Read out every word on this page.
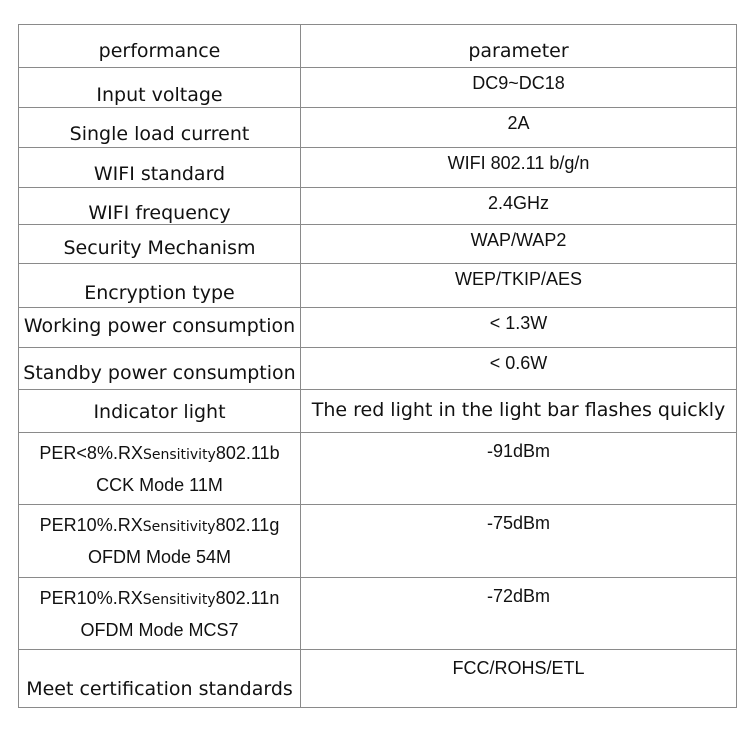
performance	parameter

Input voltage	DC9~DC18

Single load current	2A

WIFI standard	WIFI 802.11 b/g/n

WIFI frequency	2.4GHz

Security Mechanism	WAP/WAP2

Encryption type	WEP/TKIP/AES

Working power consumption	< 1.3W

Standby power consumption	< 0.6W

Indicator light	The red light in the light bar flashes quickly

PER<8%.RXSensitivity802.11b
CCK Mode 11M	-91dBm

PER10%.RXSensitivity802.11g
OFDM Mode 54M	-75dBm

PER10%.RXSensitivity802.11n
OFDM Mode MCS7	-72dBm

Meet certification standards	FCC/ROHS/ETL
